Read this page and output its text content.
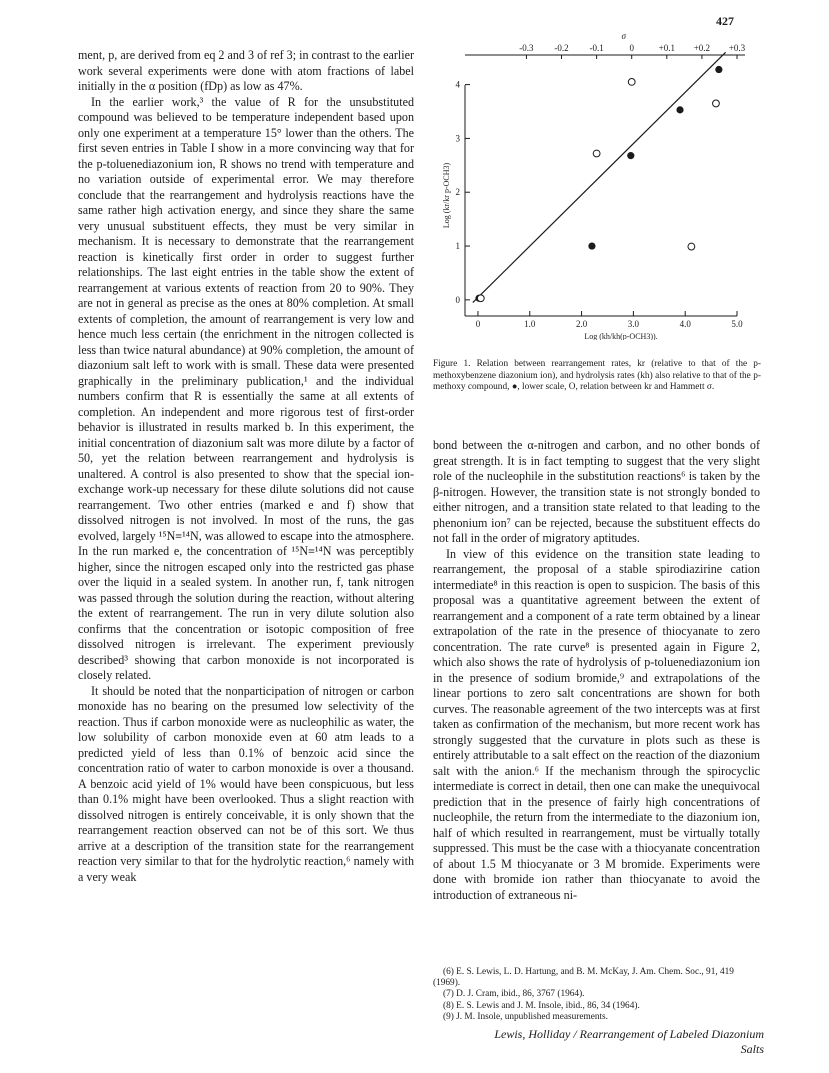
427

ment, p, are derived from eq 2 and 3 of ref 3; in contrast to the earlier work several experiments were done with atom fractions of label initially in the α position (fDp) as low as 47%.

In the earlier work,³ the value of R for the unsubstituted compound was believed to be temperature independent based upon only one experiment at a temperature 15° lower than the others. The first seven entries in Table I show in a more convincing way that for the p-toluenediazonium ion, R shows no trend with temperature and no variation outside of experimental error. We may therefore conclude that the rearrangement and hydrolysis reactions have the same rather high activation energy, and since they share the same very unusual substituent effects, they must be very similar in mechanism. It is necessary to demonstrate that the rearrangement reaction is kinetically first order in order to suggest further relationships. The last eight entries in the table show the extent of rearrangement at various extents of reaction from 20 to 90%. They are not in general as precise as the ones at 80% completion. At small extents of completion, the amount of rearrangement is very low and hence much less certain (the enrichment in the nitrogen collected is less than twice natural abundance) at 90% completion, the amount of diazonium salt left to work with is small. These data were presented graphically in the preliminary publication,¹ and the individual numbers confirm that R is essentially the same at all extents of completion. An independent and more rigorous test of first-order behavior is illustrated in results marked b. In this experiment, the initial concentration of diazonium salt was more dilute by a factor of 50, yet the relation between rearrangement and hydrolysis is unaltered. A control is also presented to show that the special ion-exchange work-up necessary for these dilute solutions did not cause rearrangement. Two other entries (marked e and f) show that dissolved nitrogen is not involved. In most of the runs, the gas evolved, largely ¹⁵N≡¹⁴N, was allowed to escape into the atmosphere. In the run marked e, the concentration of ¹⁵N≡¹⁴N was perceptibly higher, since the nitrogen escaped only into the restricted gas phase over the liquid in a sealed system. In another run, f, tank nitrogen was passed through the solution during the reaction, without altering the extent of rearrangement. The run in very dilute solution also confirms that the concentration or isotopic composition of free dissolved nitrogen is irrelevant. The experiment previously described³ showing that carbon monoxide is not incorporated is closely related.

It should be noted that the nonparticipation of nitrogen or carbon monoxide has no bearing on the presumed low selectivity of the reaction. Thus if carbon monoxide were as nucleophilic as water, the low solubility of carbon monoxide even at 60 atm leads to a predicted yield of less than 0.1% of benzoic acid since the concentration ratio of water to carbon monoxide is over a thousand. A benzoic acid yield of 1% would have been conspicuous, but less than 0.1% might have been overlooked. Thus a slight reaction with dissolved nitrogen is entirely conceivable, it is only shown that the rearrangement reaction observed can not be of this sort. We thus arrive at a description of the transition state for the rearrangement reaction very similar to that for the hydrolytic reaction,⁶ namely with a very weak

0
1
2
3
4
0	1.0	2.0	3.0	4.0	5.0
-0.3 -0.2 -0.1	0	+0.1 +0.2 +0.3
σ
Log (kh/kh(p-OCH3)).
Log (kr/kr p-OCH3)
Figure 1. Relation between rearrangement rates, kr (relative to that of the p-methoxybenzene diazonium ion), and hydrolysis rates (kh) also relative to that of the p-methoxy compound, ●, lower scale, O, relation between kr and Hammett σ.

bond between the α-nitrogen and carbon, and no other bonds of great strength. It is in fact tempting to suggest that the very slight role of the nucleophile in the substitution reactions⁶ is taken by the β-nitrogen. However, the transition state is not strongly bonded to either nitrogen, and a transition state related to that leading to the phenonium ion⁷ can be rejected, because the substituent effects do not fall in the order of migratory aptitudes.

In view of this evidence on the transition state leading to rearrangement, the proposal of a stable spirodiazirine cation intermediate⁸ in this reaction is open to suspicion. The basis of this proposal was a quantitative agreement between the extent of rearrangement and a component of a rate term obtained by a linear extrapolation of the rate in the presence of thiocyanate to zero concentration. The rate curve⁸ is presented again in Figure 2, which also shows the rate of hydrolysis of p-toluenediazonium ion in the presence of sodium bromide,⁹ and extrapolations of the linear portions to zero salt concentrations are shown for both curves. The reasonable agreement of the two intercepts was at first taken as confirmation of the mechanism, but more recent work has strongly suggested that the curvature in plots such as these is entirely attributable to a salt effect on the reaction of the diazonium salt with the anion.⁶ If the mechanism through the spirocyclic intermediate is correct in detail, then one can make the unequivocal prediction that in the presence of fairly high concentrations of nucleophile, the return from the intermediate to the diazonium ion, half of which resulted in rearrangement, must be virtually totally suppressed. This must be the case with a thiocyanate concentration of about 1.5 M thiocyanate or 3 M bromide. Experiments were done with bromide ion rather than thiocyanate to avoid the introduction of extraneous ni-

(6) E. S. Lewis, L. D. Hartung, and B. M. McKay, J. Am. Chem. Soc., 91, 419 (1969).

(7) D. J. Cram, ibid., 86, 3767 (1964).

(8) E. S. Lewis and J. M. Insole, ibid., 86, 34 (1964).

(9) J. M. Insole, unpublished measurements.

Lewis, Holliday / Rearrangement of Labeled Diazonium Salts
